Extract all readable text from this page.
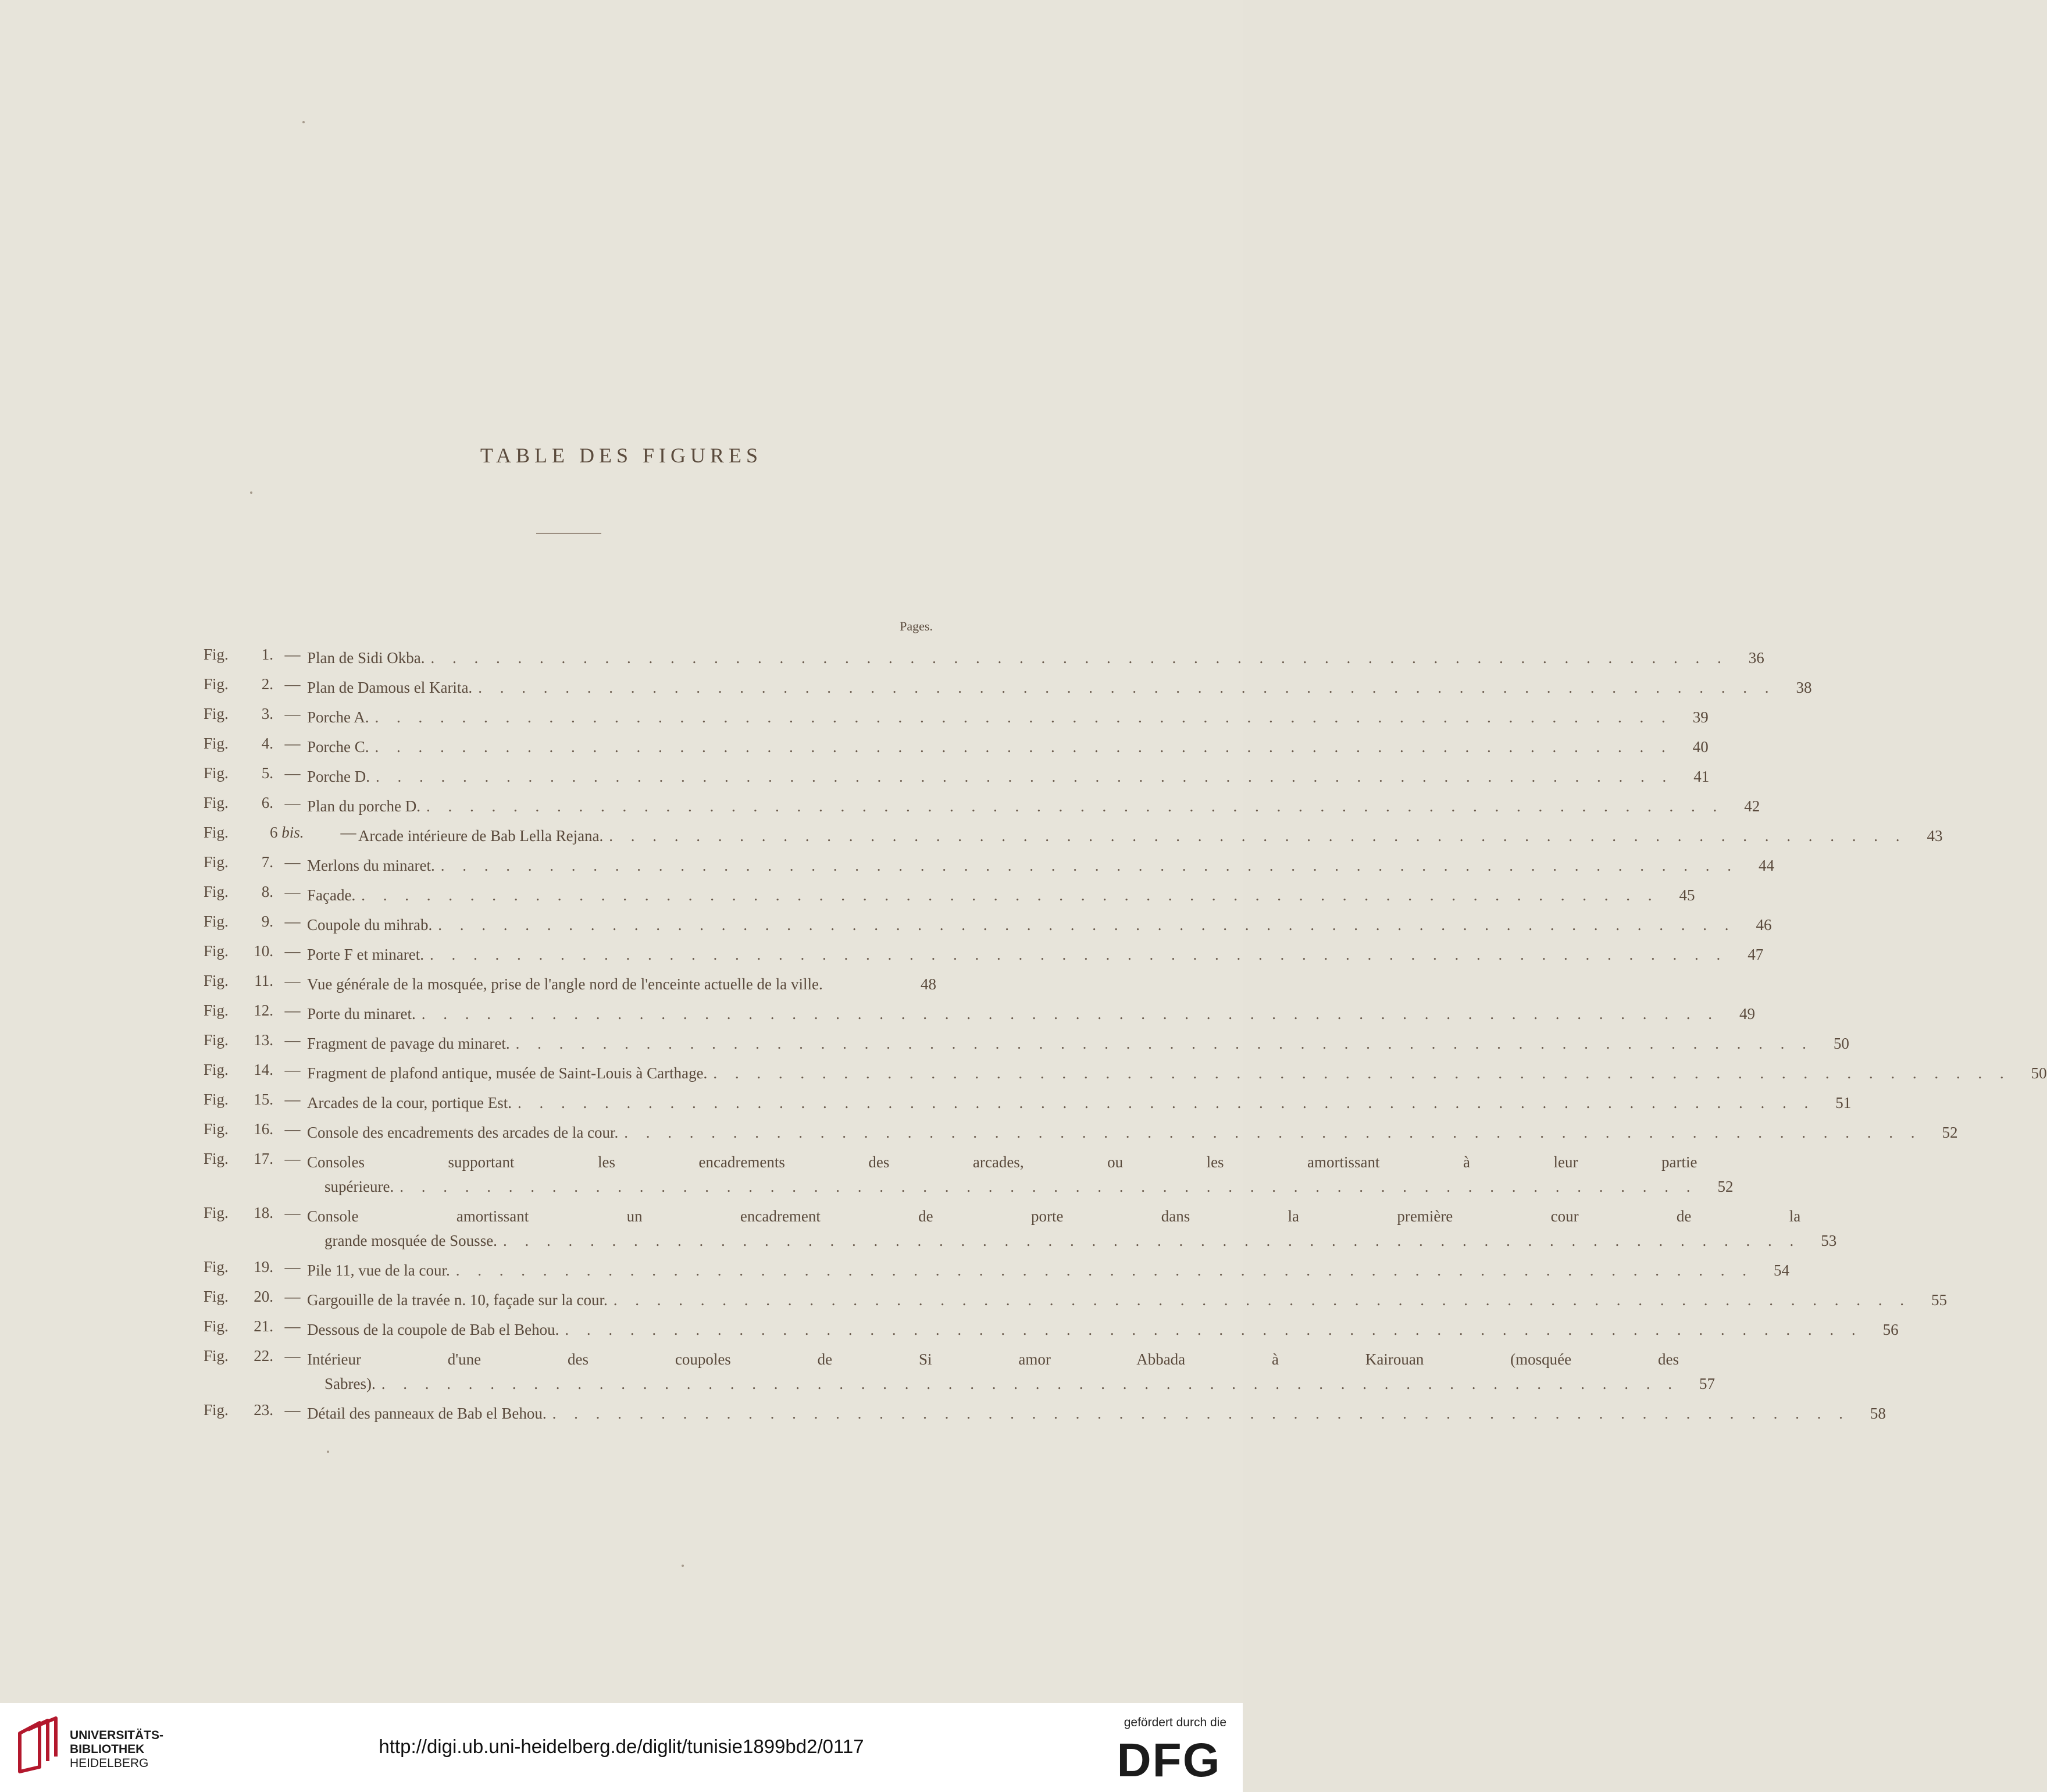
TABLE DES FIGURES
Pages.
Fig.	1. — Plan de Sidi Okba. . . .	36
Fig.	2. — Plan de Damous el Karita. . . .	38
Fig.	3. — Porche A. . . .	39
Fig.	4. — Porche C. . . .	40
Fig.	5. — Porche D. . . .	41
Fig.	6. — Plan du porche D. . . .	42
Fig.	6 bis.	— Arcade intérieure de Bab Lella Rejana. . . .	43
Fig.	7. — Merlons du minaret. . . .	44
Fig.	8. — Façade. . . .	45
Fig.	9. — Coupole du mihrab. . . .	46
Fig.	10. — Porte F et minaret. . . .	47
Fig.	11. — Vue générale de la mosquée, prise de l'angle nord de l'enceinte actuelle de la ville.	48
Fig.	12. — Porte du minaret. . . .	49
Fig.	13. — Fragment de pavage du minaret. . . .	50
Fig.	14. — Fragment de plafond antique, musée de Saint-Louis à Carthage. . . .	50
Fig.	15. — Arcades de la cour, portique Est. . . .	51
Fig.	16. — Console des encadrements des arcades de la cour. . . .	52
Fig.	17. — Consoles supportant les encadrements des arcades, ou les amortissant à leur partie
supérieure. . . .	52
Fig.	18. — Console amortissant un encadrement de porte dans la première cour de la
grande mosquée de Sousse. . . .	53
Fig.	19. — Pile 11, vue de la cour. . . .	54
Fig.	20. — Gargouille de la travée n. 10, façade sur la cour. . . .	55
Fig.	21. — Dessous de la coupole de Bab el Behou. . . .	56
Fig.	22. — Intérieur d'une des coupoles de Si amor Abbada à Kairouan (mosquée des
Sabres). . . .	57
Fig.	23. — Détail des panneaux de Bab el Behou. . . .	58
UNIVERSITÄTS-
BIBLIOTHEK
HEIDELBERG
http://digi.ub.uni-heidelberg.de/diglit/tunisie1899bd2/0117
gefördert durch die
DFG
